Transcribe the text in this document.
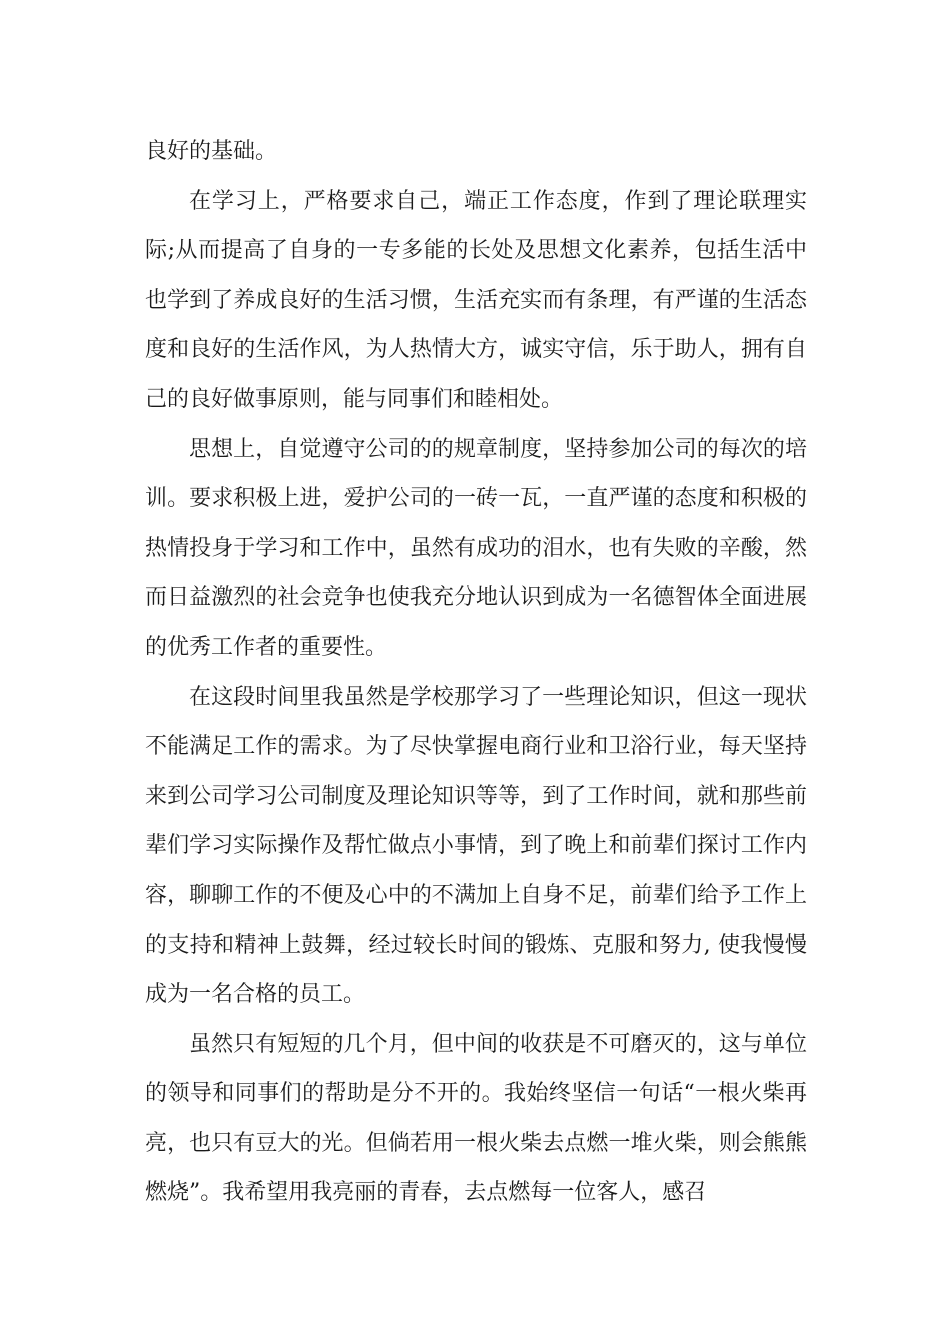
良好的基础。

在学习上，严格要求自己，端正工作态度，作到了理论联理实际;从而提高了自身的一专多能的长处及思想文化素养，包括生活中也学到了养成良好的生活习惯，生活充实而有条理，有严谨的生活态度和良好的生活作风，为人热情大方，诚实守信，乐于助人，拥有自己的良好做事原则，能与同事们和睦相处。

思想上，自觉遵守公司的的规章制度，坚持参加公司的每次的培训。要求积极上进，爱护公司的一砖一瓦，一直严谨的态度和积极的热情投身于学习和工作中，虽然有成功的泪水，也有失败的辛酸，然而日益激烈的社会竞争也使我充分地认识到成为一名德智体全面进展的优秀工作者的重要性。

在这段时间里我虽然是学校那学习了一些理论知识，但这一现状不能满足工作的需求。为了尽快掌握电商行业和卫浴行业，每天坚持来到公司学习公司制度及理论知识等等，到了工作时间，就和那些前辈们学习实际操作及帮忙做点小事情，到了晚上和前辈们探讨工作内容，聊聊工作的不便及心中的不满加上自身不足，前辈们给予工作上的支持和精神上鼓舞，经过较长时间的锻炼、克服和努力, 使我慢慢成为一名合格的员工。

虽然只有短短的几个月，但中间的收获是不可磨灭的，这与单位的领导和同事们的帮助是分不开的。我始终坚信一句话“一根火柴再亮，也只有豆大的光。但倘若用一根火柴去点燃一堆火柴，则会熊熊燃烧”。我希望用我亮丽的青春，去点燃每一位客人，感召
